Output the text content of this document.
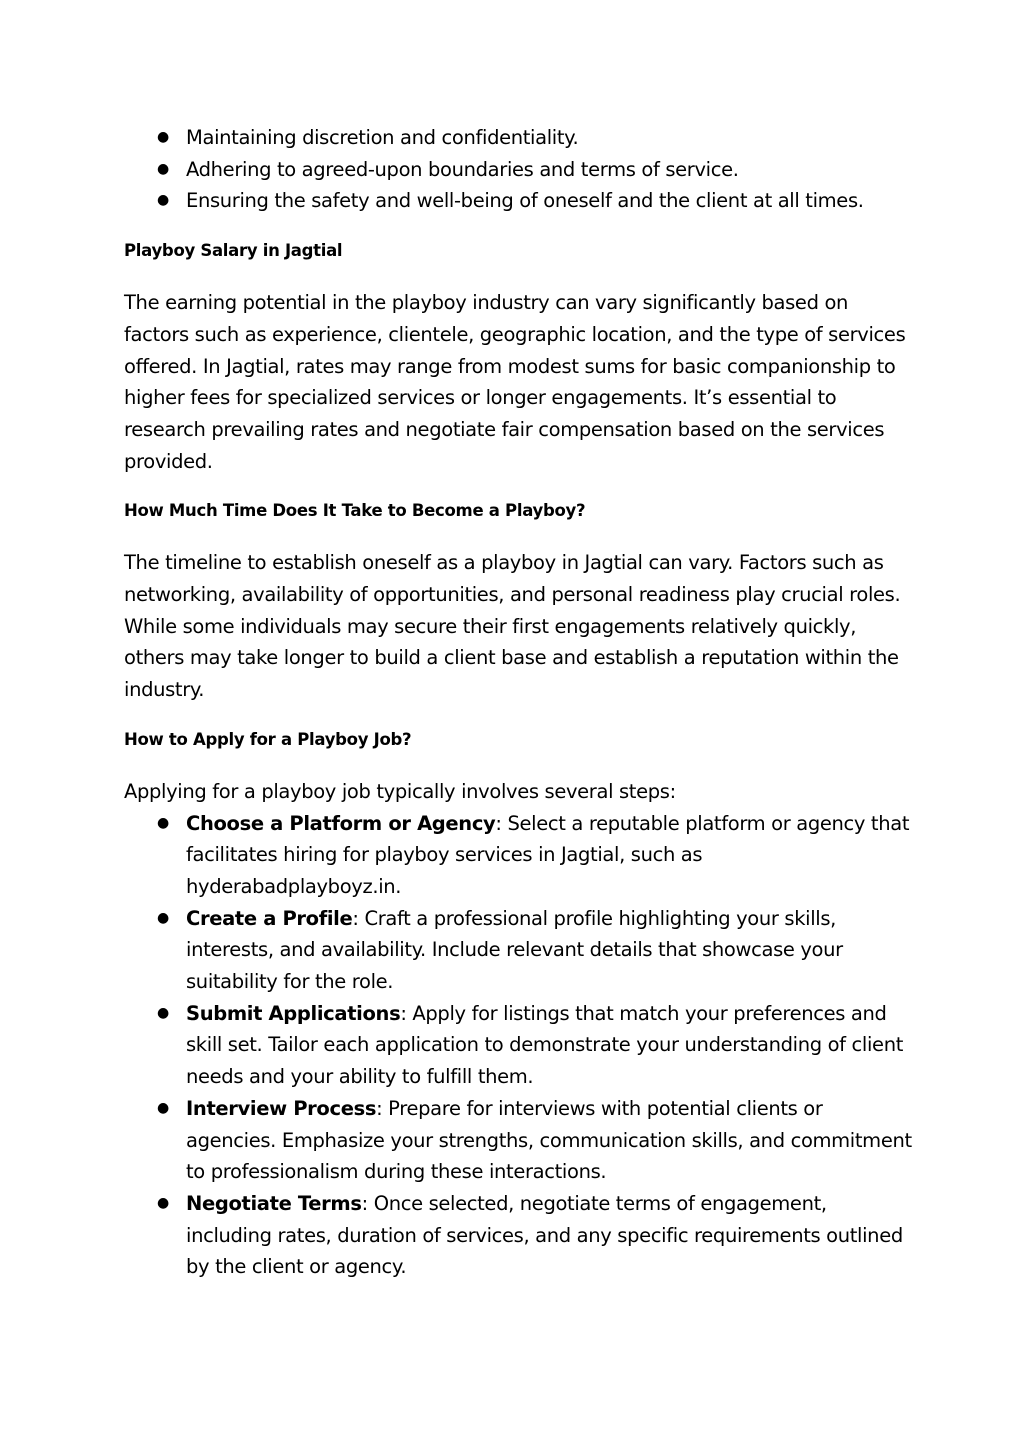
● Maintaining discretion and confidentiality.
● Adhering to agreed-upon boundaries and terms of service.
● Ensuring the safety and well-being of oneself and the client at all times.
Playboy Salary in Jagtial

The earning potential in the playboy industry can vary significantly based on factors such as experience, clientele, geographic location, and the type of services offered. In Jagtial, rates may range from modest sums for basic companionship to higher fees for specialized services or longer engagements. It’s essential to research prevailing rates and negotiate fair compensation based on the services provided.

How Much Time Does It Take to Become a Playboy?

The timeline to establish oneself as a playboy in Jagtial can vary. Factors such as networking, availability of opportunities, and personal readiness play crucial roles. While some individuals may secure their first engagements relatively quickly, others may take longer to build a client base and establish a reputation within the industry.

How to Apply for a Playboy Job?

Applying for a playboy job typically involves several steps:

● Choose a Platform or Agency: Select a reputable platform or agency that facilitates hiring for playboy services in Jagtial, such as hyderabadplayboyz.in.
● Create a Profile: Craft a professional profile highlighting your skills, interests, and availability. Include relevant details that showcase your suitability for the role.
● Submit Applications: Apply for listings that match your preferences and skill set. Tailor each application to demonstrate your understanding of client needs and your ability to fulfill them.
● Interview Process: Prepare for interviews with potential clients or agencies. Emphasize your strengths, communication skills, and commitment to professionalism during these interactions.
● Negotiate Terms: Once selected, negotiate terms of engagement, including rates, duration of services, and any specific requirements outlined by the client or agency.
